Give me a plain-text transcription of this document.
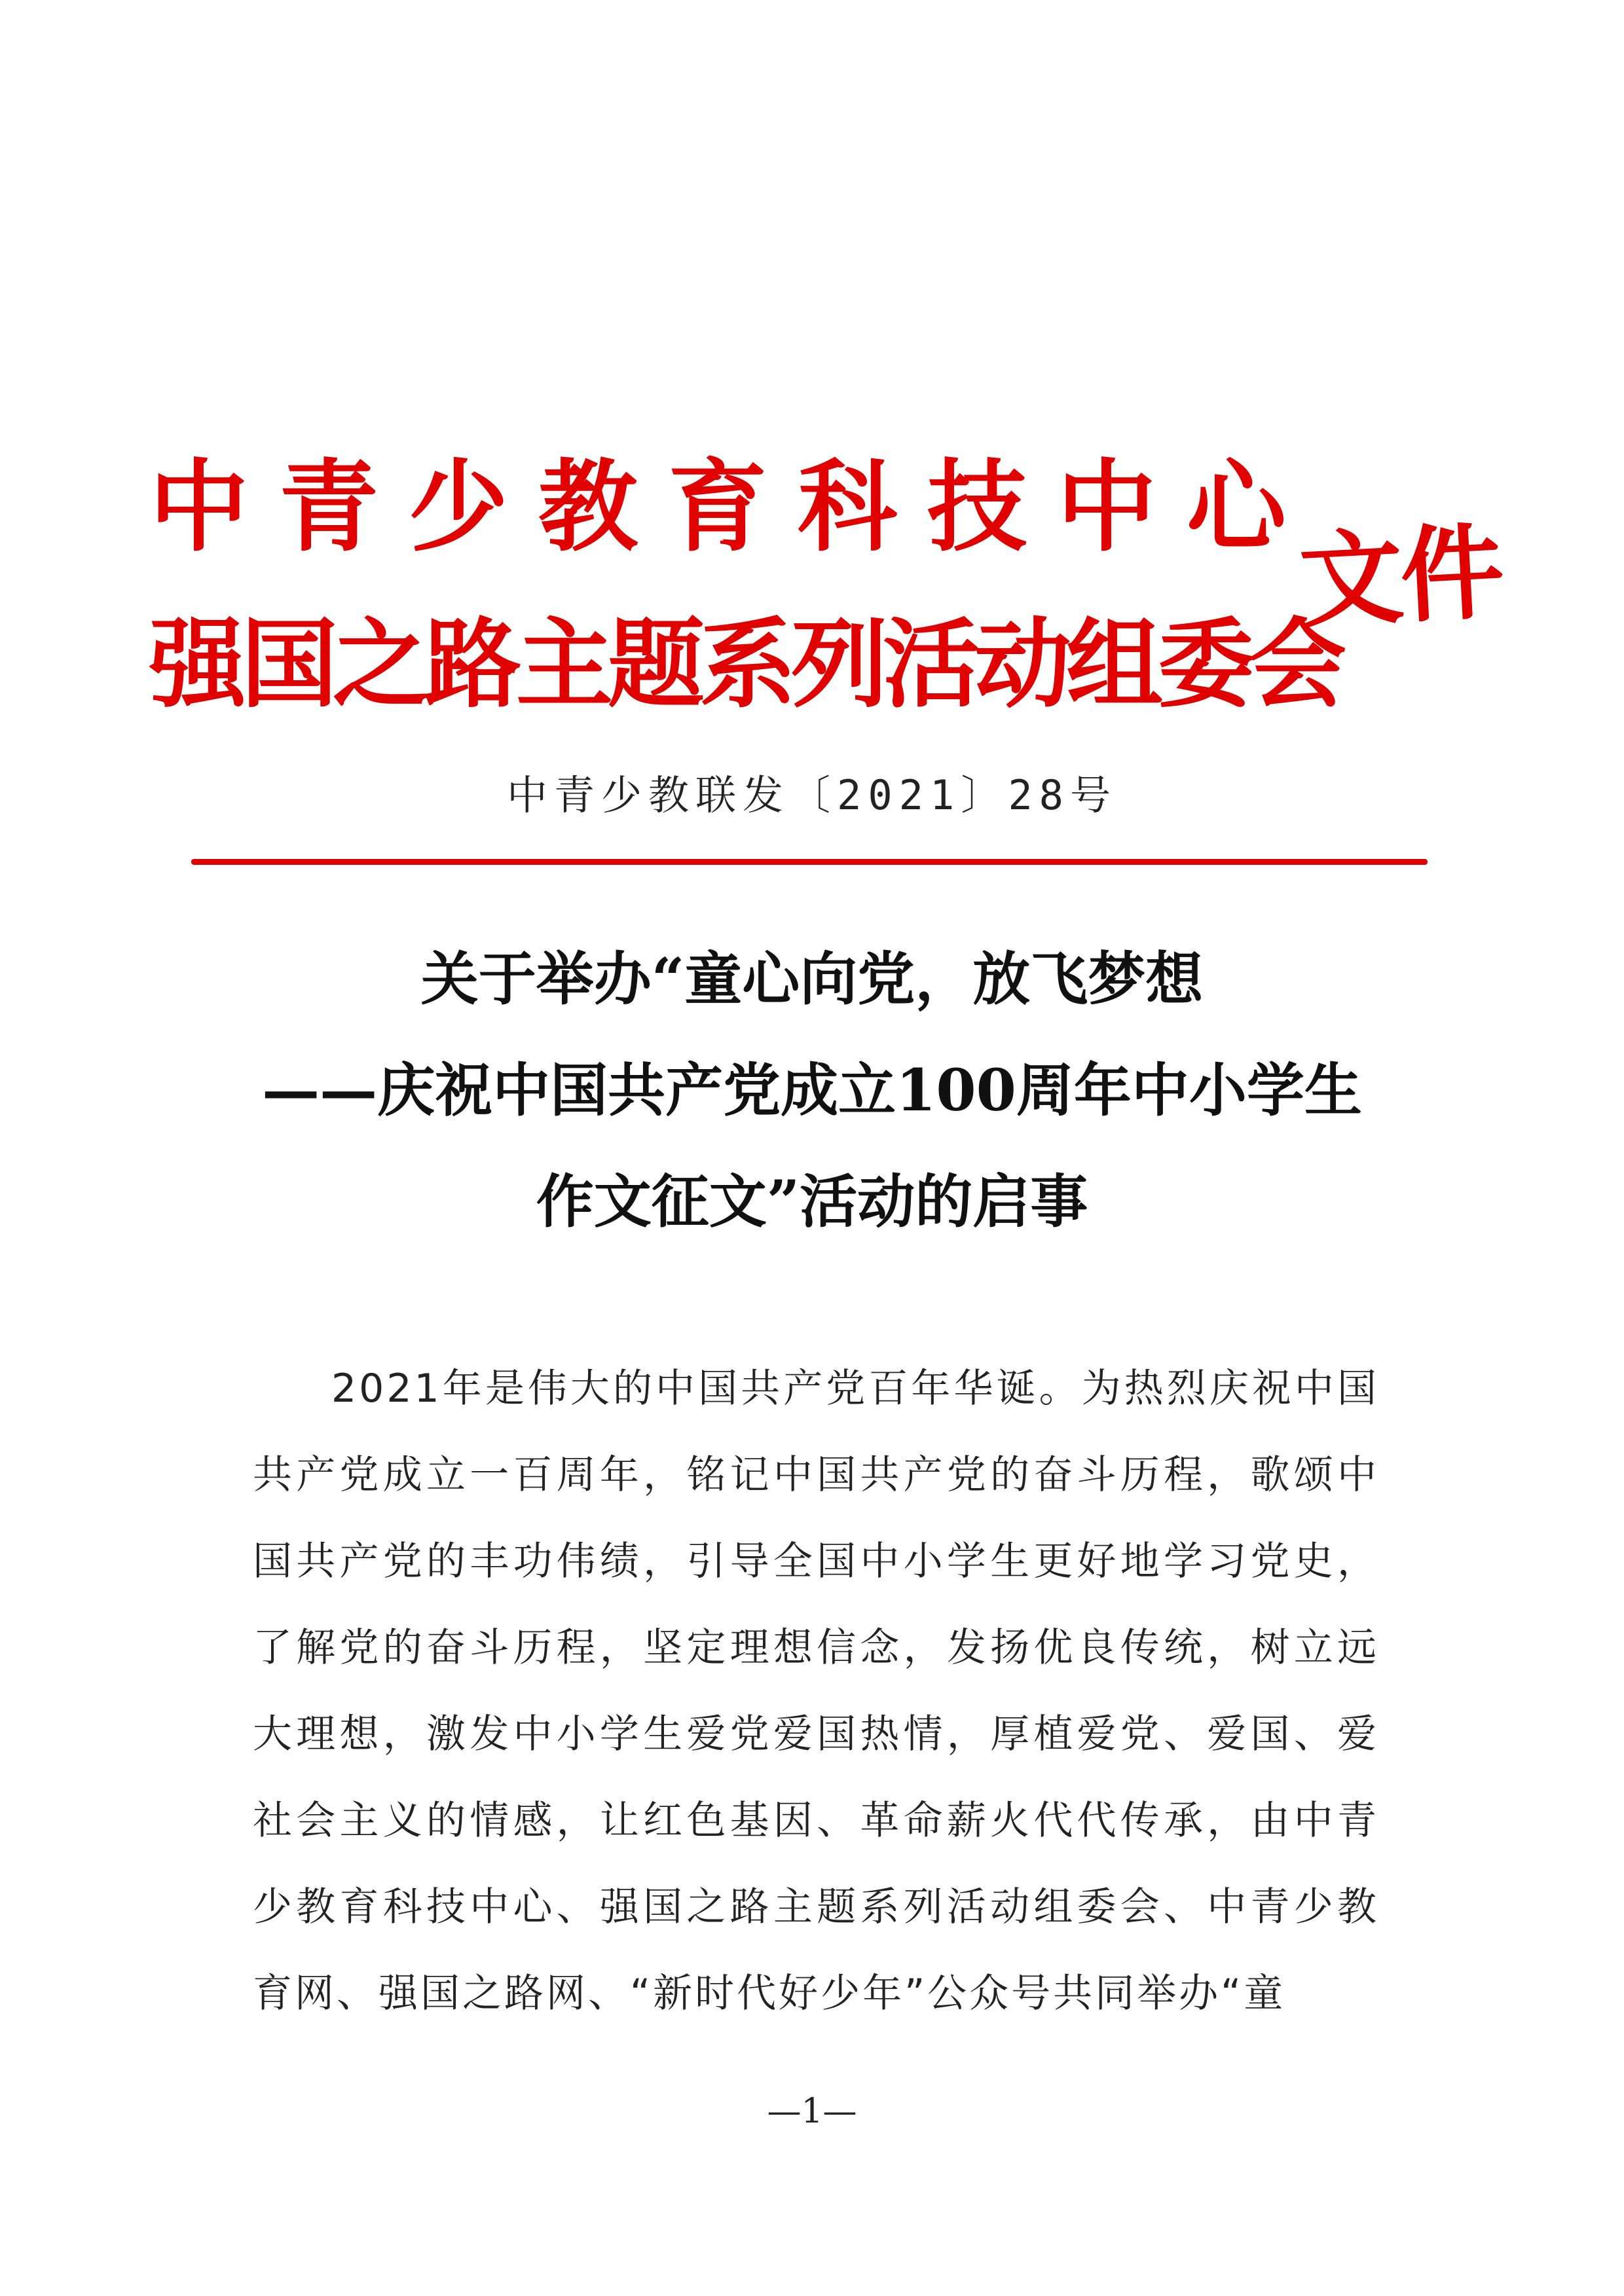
中青少教育科技中心
强国之路主题系列活动组委会
文件
中青少教联发〔2021〕28号
关于举办“童心向党，放飞梦想
——庆祝中国共产党成立100周年中小学生
作文征文”活动的启事
2021年是伟大的中国共产党百年华诞。为热烈庆祝中国共产党成立一百周年，铭记中国共产党的奋斗历程，歌颂中国共产党的丰功伟绩，引导全国中小学生更好地学习党史，了解党的奋斗历程，坚定理想信念，发扬优良传统，树立远大理想，激发中小学生爱党爱国热情，厚植爱党、爱国、爱社会主义的情感，让红色基因、革命薪火代代传承，由中青少教育科技中心、强国之路主题系列活动组委会、中青少教育网、强国之路网、“新时代好少年”公众号共同举办“童
—1—
